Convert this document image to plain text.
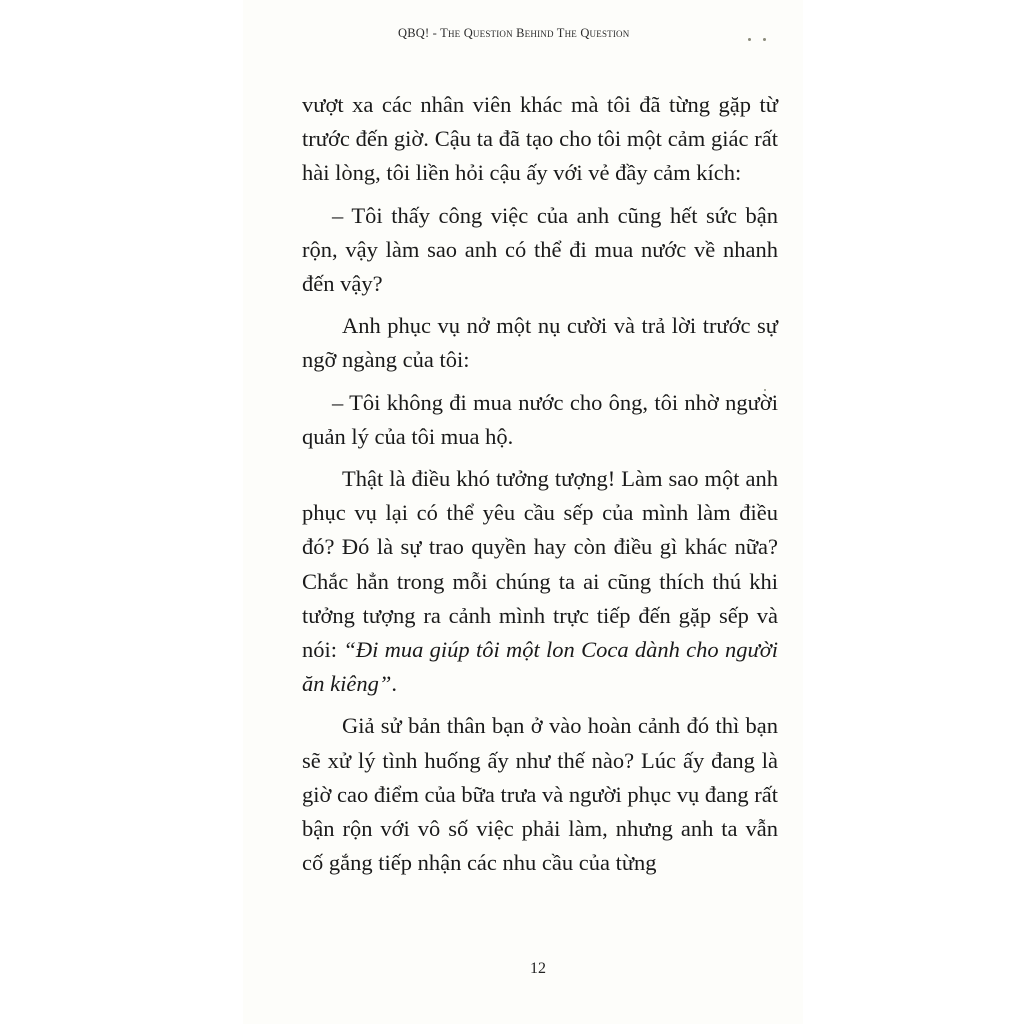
QBQ! - The Question Behind The Question

vượt xa các nhân viên khác mà tôi đã từng gặp từ trước đến giờ. Cậu ta đã tạo cho tôi một cảm giác rất hài lòng, tôi liền hỏi cậu ấy với vẻ đầy cảm kích:

– Tôi thấy công việc của anh cũng hết sức bận rộn, vậy làm sao anh có thể đi mua nước về nhanh đến vậy?

Anh phục vụ nở một nụ cười và trả lời trước sự ngỡ ngàng của tôi:

– Tôi không đi mua nước cho ông, tôi nhờ người quản lý của tôi mua hộ.

Thật là điều khó tưởng tượng! Làm sao một anh phục vụ lại có thể yêu cầu sếp của mình làm điều đó? Đó là sự trao quyền hay còn điều gì khác nữa? Chắc hẳn trong mỗi chúng ta ai cũng thích thú khi tưởng tượng ra cảnh mình trực tiếp đến gặp sếp và nói: “Đi mua giúp tôi một lon Coca dành cho người ăn kiêng”.

Giả sử bản thân bạn ở vào hoàn cảnh đó thì bạn sẽ xử lý tình huống ấy như thế nào? Lúc ấy đang là giờ cao điểm của bữa trưa và người phục vụ đang rất bận rộn với vô số việc phải làm, nhưng anh ta vẫn cố gắng tiếp nhận các nhu cầu của từng

12
